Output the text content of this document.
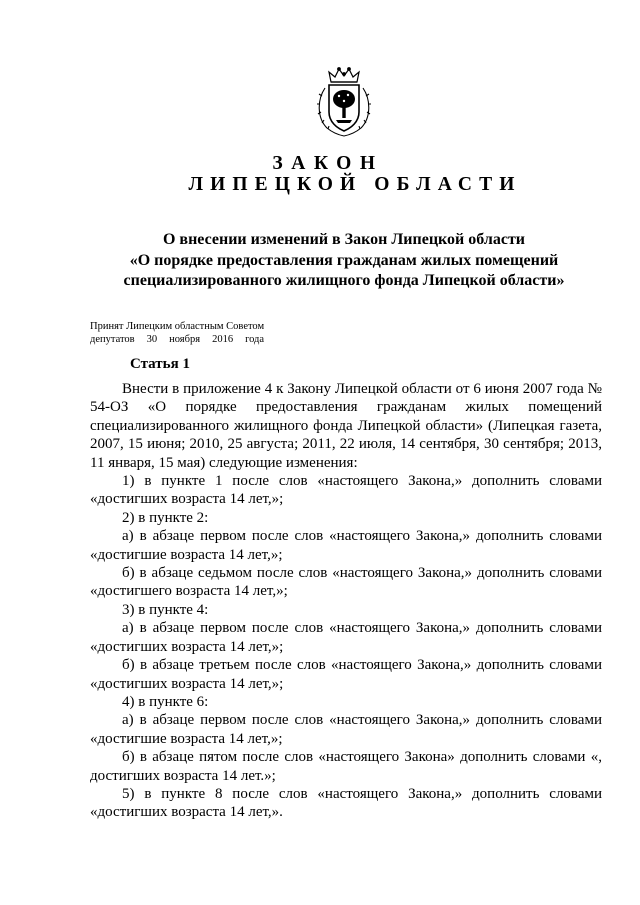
ЗАКОН
ЛИПЕЦКОЙ ОБЛАСТИ
О внесении изменений в Закон Липецкой области
«О порядке предоставления гражданам жилых помещений
специализированного жилищного фонда Липецкой области»
Принят Липецким областным Советом
депутатов 30 ноября 2016 года
Статья 1

Внести в приложение 4 к Закону Липецкой области от 6 июня 2007 года № 54-ОЗ «О порядке предоставления гражданам жилых помещений специализированного жилищного фонда Липецкой области» (Липецкая газета, 2007, 15 июня; 2010, 25 августа; 2011, 22 июля, 14 сентября, 30 сентября; 2013, 11 января, 15 мая) следующие изменения:

1) в пункте 1 после слов «настоящего Закона,» дополнить словами «достигших возраста 14 лет,»;

2) в пункте 2:

а) в абзаце первом после слов «настоящего Закона,» дополнить словами «достигшие возраста 14 лет,»;

б) в абзаце седьмом после слов «настоящего Закона,» дополнить словами «достигшего возраста 14 лет,»;

3) в пункте 4:

а) в абзаце первом после слов «настоящего Закона,» дополнить словами «достигших возраста 14 лет,»;

б) в абзаце третьем после слов «настоящего Закона,» дополнить словами «достигших возраста 14 лет,»;

4) в пункте 6:

а) в абзаце первом после слов «настоящего Закона,» дополнить словами «достигшие возраста 14 лет,»;

б) в абзаце пятом после слов «настоящего Закона» дополнить словами «, достигших возраста 14 лет.»;

5) в пункте 8 после слов «настоящего Закона,» дополнить словами «достигших возраста 14 лет,».
